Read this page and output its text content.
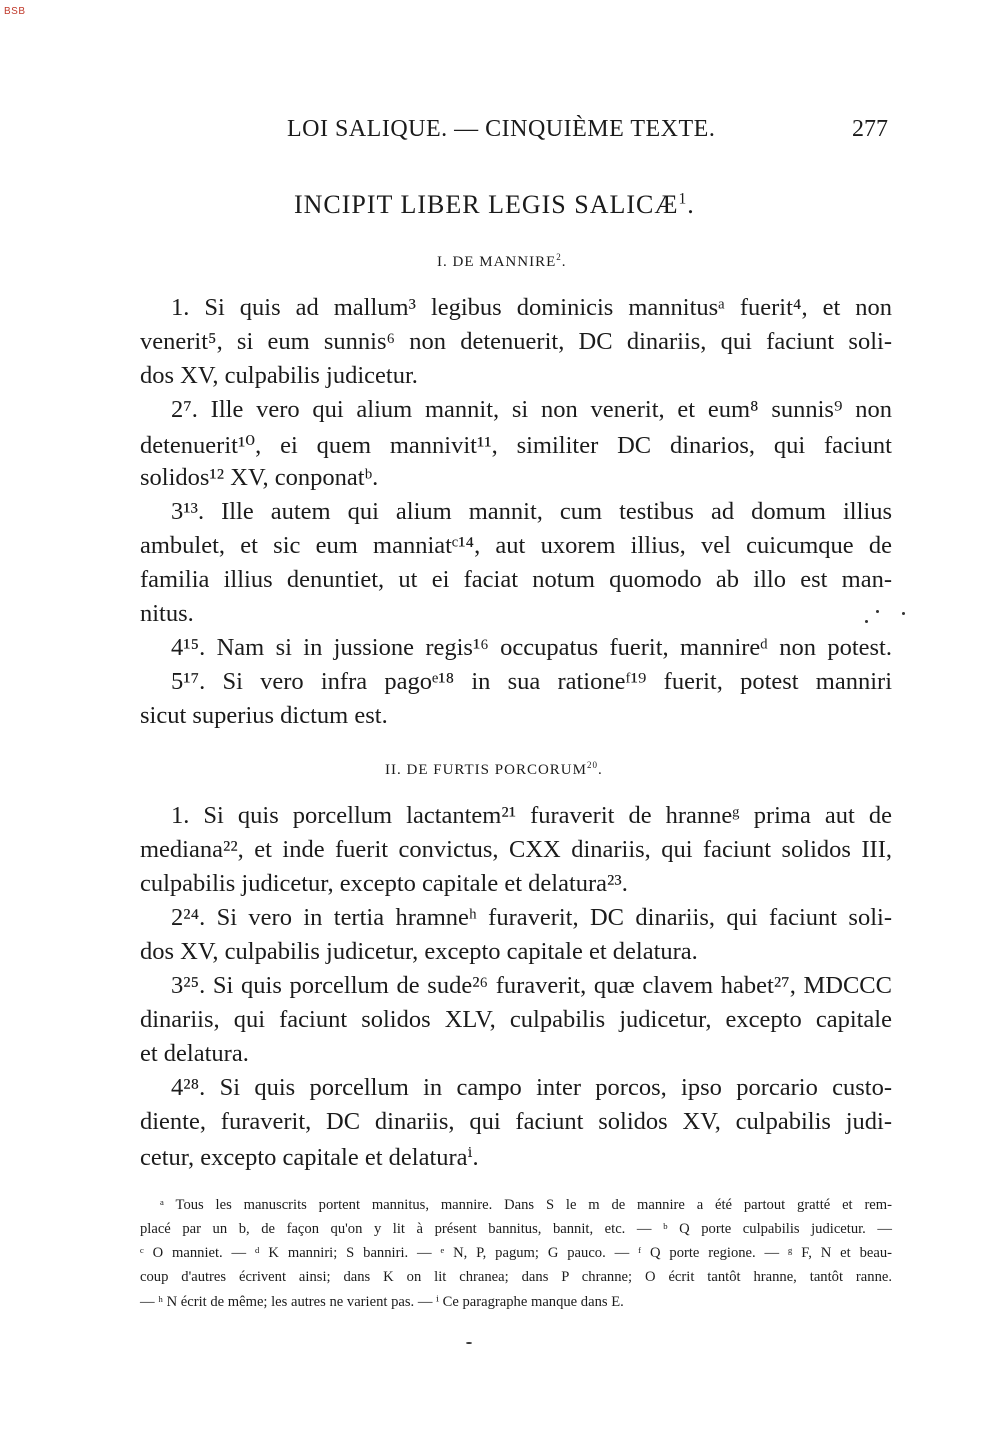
BSB
LOI SALIQUE. — CINQUIÈME TEXTE.	277
INCIPIT LIBER LEGIS SALICÆ$^1$.
I. DE MANNIRE$^2$.
1. Si quis ad mallum³ legibus dominicis mannitusᵃ fuerit⁴, et non
venerit⁵, si eum sunnis⁶ non detenuerit, DC dinariis, qui faciunt soli-
dos XV, culpabilis judicetur.
2⁷. Ille vero qui alium mannit, si non venerit, et eum⁸ sunnis⁹ non
detenuerit¹⁰, ei quem mannivit¹¹, similiter DC dinarios, qui faciunt
solidos¹² XV, conponatᵇ.
3¹³. Ille autem qui alium mannit, cum testibus ad domum illius
ambulet, et sic eum manniatᶜ¹⁴, aut uxorem illius, vel cuicumque de
familia illius denuntiet, ut ei faciat notum quomodo ab illo est man-
nitus.
4¹⁵. Nam si in jussione regis¹⁶ occupatus fuerit, mannireᵈ non potest.
5¹⁷. Si vero infra pagoᵉ¹⁸ in sua rationeᶠ¹⁹ fuerit, potest manniri
sicut superius dictum est.
II. DE FURTIS PORCORUM$^{20}$.
1. Si quis porcellum lactantem²¹ furaverit de hranneᵍ prima aut de
mediana²², et inde fuerit convictus, CXX dinariis, qui faciunt solidos III,
culpabilis judicetur, excepto capitale et delatura²³.
2²⁴. Si vero in tertia hramneʰ furaverit, DC dinariis, qui faciunt soli-
dos XV, culpabilis judicetur, excepto capitale et delatura.
3²⁵. Si quis porcellum de sude²⁶ furaverit, quæ clavem habet²⁷, MDCCC
dinariis, qui faciunt solidos XLV, culpabilis judicetur, excepto capitale
et delatura.
4²⁸. Si quis porcellum in campo inter porcos, ipso porcario custo-
diente, furaverit, DC dinariis, qui faciunt solidos XV, culpabilis judi-
cetur, excepto capitale et delaturaⁱ.
ᵃ Tous les manuscrits portent mannitus, mannire. Dans S le m de mannire a été partout gratté et rem-
placé par un b, de façon qu'on y lit à présent bannitus, bannit, etc. — ᵇ Q porte culpabilis judicetur. —
ᶜ O manniet. — ᵈ K manniri; S banniri. — ᵉ N, P, pagum; G pauco. — ᶠ Q porte regione. — ᵍ F, N et beau-
coup d'autres écrivent ainsi; dans K on lit chranea; dans P chranne; O écrit tantôt hranne, tantôt ranne.
— ʰ N écrit de même; les autres ne varient pas. — ⁱ Ce paragraphe manque dans E.
